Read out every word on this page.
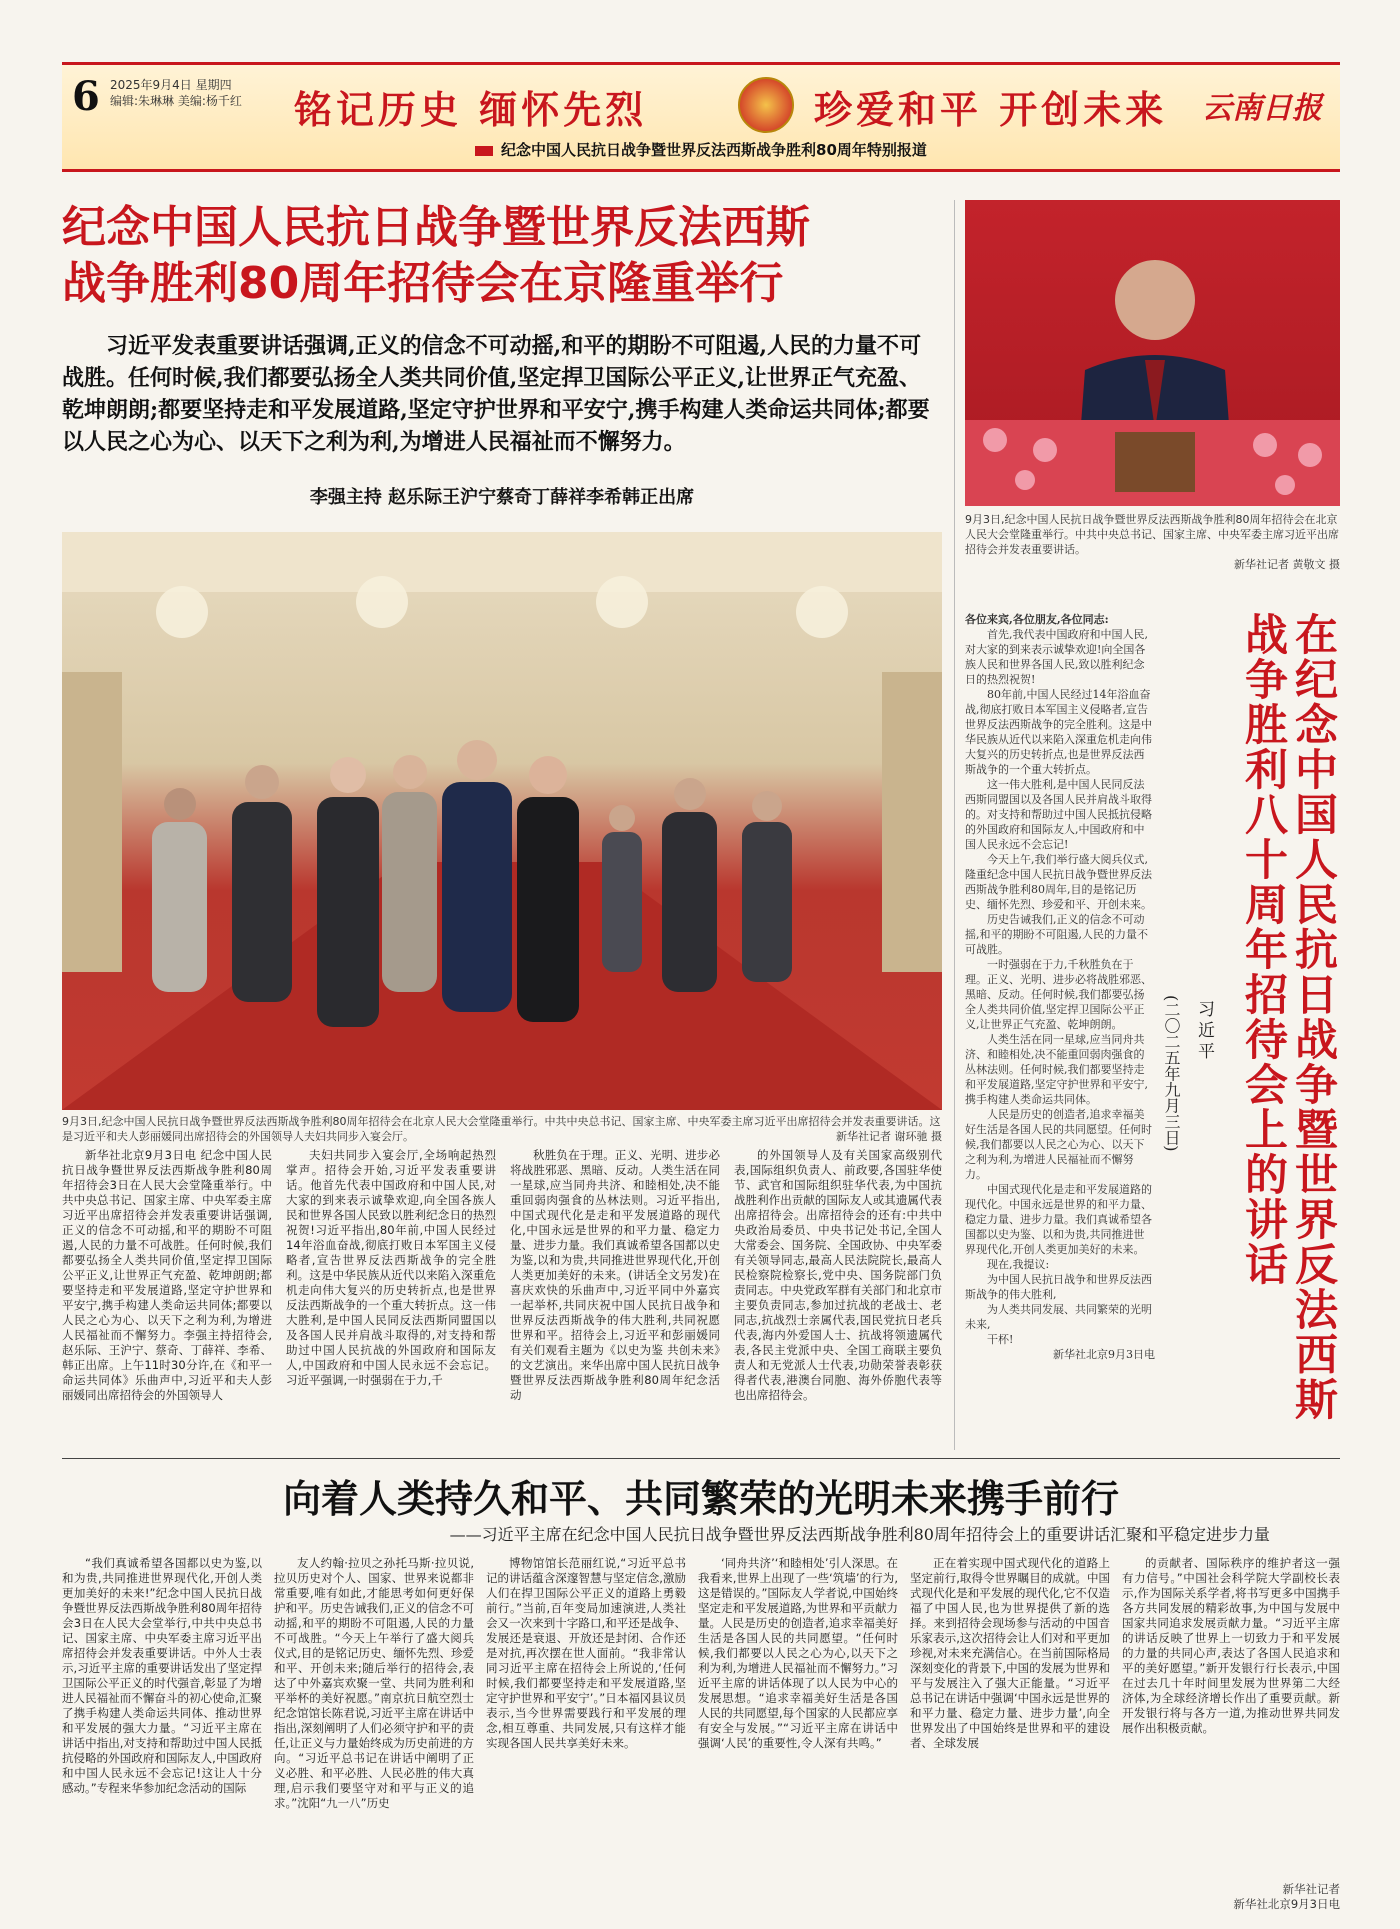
6 2025年9月4日 星期四
编辑:朱琳琳 美编:杨千红 铭记历史 缅怀先烈	珍爱和平 开创未来 云南日报
纪念中国人民抗日战争暨世界反法西斯战争胜利80周年特别报道
纪念中国人民抗日战争暨世界反法西斯
战争胜利80周年招待会在京隆重举行
习近平发表重要讲话强调,正义的信念不可动摇,和平的期盼不可阻遏,人民的力量不可战胜。任何时候,我们都要弘扬全人类共同价值,坚定捍卫国际公平正义,让世界正气充盈、乾坤朗朗;都要坚持走和平发展道路,坚定守护世界和平安宁,携手构建人类命运共同体;都要以人民之心为心、以天下之利为利,为增进人民福祉而不懈努力。
李强主持 赵乐际王沪宁蔡奇丁薛祥李希韩正出席
9月3日,纪念中国人民抗日战争暨世界反法西斯战争胜利80周年招待会在北京人民大会堂隆重举行。中共中央总书记、国家主席、中央军委主席习近平出席招待会并发表重要讲话。这是习近平和夫人彭丽媛同出席招待会的外国领导人夫妇共同步入宴会厅。	新华社记者 谢环驰 摄
新华社北京9月3日电 纪念中国人民抗日战争暨世界反法西斯战争胜利80周年招待会3日在人民大会堂隆重举行。中共中央总书记、国家主席、中央军委主席习近平出席招待会并发表重要讲话强调,正义的信念不可动摇,和平的期盼不可阻遏,人民的力量不可战胜。任何时候,我们都要弘扬全人类共同价值,坚定捍卫国际公平正义,让世界正气充盈、乾坤朗朗;都要坚持走和平发展道路,坚定守护世界和平安宁,携手构建人类命运共同体;都要以人民之心为心、以天下之利为利,为增进人民福祉而不懈努力。李强主持招待会,赵乐际、王沪宁、蔡奇、丁薛祥、李希、韩正出席。上午11时30分许,在《和平一命运共同体》乐曲声中,习近平和夫人彭丽媛同出席招待会的外国领导人
夫妇共同步入宴会厅,全场响起热烈掌声。招待会开始,习近平发表重要讲话。他首先代表中国政府和中国人民,对大家的到来表示诚挚欢迎,向全国各族人民和世界各国人民致以胜利纪念日的热烈祝贺!习近平指出,80年前,中国人民经过14年浴血奋战,彻底打败日本军国主义侵略者,宣告世界反法西斯战争的完全胜利。这是中华民族从近代以来陷入深重危机走向伟大复兴的历史转折点,也是世界反法西斯战争的一个重大转折点。这一伟大胜利,是中国人民同反法西斯同盟国以及各国人民并肩战斗取得的,对支持和帮助过中国人民抗战的外国政府和国际友人,中国政府和中国人民永远不会忘记。习近平强调,一时强弱在于力,千
秋胜负在于理。正义、光明、进步必将战胜邪恶、黑暗、反动。人类生活在同一星球,应当同舟共济、和睦相处,决不能重回弱肉强食的丛林法则。习近平指出,中国式现代化是走和平发展道路的现代化,中国永远是世界的和平力量、稳定力量、进步力量。我们真诚希望各国都以史为鉴,以和为贵,共同推进世界现代化,开创人类更加美好的未来。(讲话全文另发)在喜庆欢快的乐曲声中,习近平同中外嘉宾一起举杯,共同庆祝中国人民抗日战争和世界反法西斯战争的伟大胜利,共同祝愿世界和平。招待会上,习近平和彭丽媛同有关们观看主题为《以史为鉴 共创未来》的文艺演出。来华出席中国人民抗日战争暨世界反法西斯战争胜利80周年纪念活动
的外国领导人及有关国家高级别代表,国际组织负责人、前政要,各国驻华使节、武官和国际组织驻华代表,为中国抗战胜利作出贡献的国际友人或其遗属代表出席招待会。出席招待会的还有:中共中央政治局委员、中央书记处书记,全国人大常委会、国务院、全国政协、中央军委有关领导同志,最高人民法院院长,最高人民检察院检察长,党中央、国务院部门负责同志。中央党政军群有关部门和北京市主要负责同志,参加过抗战的老战士、老同志,抗战烈士亲属代表,国民党抗日老兵代表,海内外爱国人士、抗战将领遗属代表,各民主党派中央、全国工商联主要负责人和无党派人士代表,功勋荣誉表彰获得者代表,港澳台同胞、海外侨胞代表等也出席招待会。
9月3日,纪念中国人民抗日战争暨世界反法西斯战争胜利80周年招待会在北京人民大会堂隆重举行。中共中央总书记、国家主席、中央军委主席习近平出席招待会并发表重要讲话。
新华社记者 黄敬文 摄

各位来宾,各位朋友,各位同志:

首先,我代表中国政府和中国人民,对大家的到来表示诚挚欢迎!向全国各族人民和世界各国人民,致以胜利纪念日的热烈祝贺!

80年前,中国人民经过14年浴血奋战,彻底打败日本军国主义侵略者,宣告世界反法西斯战争的完全胜利。这是中华民族从近代以来陷入深重危机走向伟大复兴的历史转折点,也是世界反法西斯战争的一个重大转折点。

这一伟大胜利,是中国人民同反法西斯同盟国以及各国人民并肩战斗取得的。对支持和帮助过中国人民抵抗侵略的外国政府和国际友人,中国政府和中国人民永远不会忘记!

今天上午,我们举行盛大阅兵仪式,隆重纪念中国人民抗日战争暨世界反法西斯战争胜利80周年,目的是铭记历史、缅怀先烈、珍爱和平、开创未来。

历史告诫我们,正义的信念不可动摇,和平的期盼不可阻遏,人民的力量不可战胜。

一时强弱在于力,千秋胜负在于理。正义、光明、进步必将战胜邪恶、黑暗、反动。任何时候,我们都要弘扬全人类共同价值,坚定捍卫国际公平正义,让世界正气充盈、乾坤朗朗。

人类生活在同一星球,应当同舟共济、和睦相处,决不能重回弱肉强食的丛林法则。任何时候,我们都要坚持走和平发展道路,坚定守护世界和平安宁,携手构建人类命运共同体。

人民是历史的创造者,追求幸福美好生活是各国人民的共同愿望。任何时候,我们都要以人民之心为心、以天下之利为利,为增进人民福祉而不懈努力。

中国式现代化是走和平发展道路的现代化。中国永远是世界的和平力量、稳定力量、进步力量。我们真诚希望各国都以史为鉴、以和为贵,共同推进世界现代化,开创人类更加美好的未来。

现在,我提议:

为中国人民抗日战争和世界反法西斯战争的伟大胜利,

为人类共同发展、共同繁荣的光明未来,

干杯!

新华社北京9月3日电

习近平
(二〇二五年九月三日)	在纪念中国人民抗日战争暨世界反法西斯战争胜利八十周年招待会上的讲话
向着人类持久和平、共同繁荣的光明未来携手前行
——习近平主席在纪念中国人民抗日战争暨世界反法西斯战争胜利80周年招待会上的重要讲话汇聚和平稳定进步力量
“我们真诚希望各国都以史为鉴,以和为贵,共同推进世界现代化,开创人类更加美好的未来!”纪念中国人民抗日战争暨世界反法西斯战争胜利80周年招待会3日在人民大会堂举行,中共中央总书记、国家主席、中央军委主席习近平出席招待会并发表重要讲话。中外人士表示,习近平主席的重要讲话发出了坚定捍卫国际公平正义的时代强音,彰显了为增进人民福祉而不懈奋斗的初心使命,汇聚了携手构建人类命运共同体、推动世界和平发展的强大力量。“习近平主席在讲话中指出,对支持和帮助过中国人民抵抗侵略的外国政府和国际友人,中国政府和中国人民永远不会忘记!这让人十分感动。”专程来华参加纪念活动的国际
友人约翰·拉贝之孙托马斯·拉贝说,拉贝历史对个人、国家、世界来说都非常重要,唯有如此,才能思考如何更好保护和平。历史告诫我们,正义的信念不可动摇,和平的期盼不可阻遏,人民的力量不可战胜。“今天上午举行了盛大阅兵仪式,目的是铭记历史、缅怀先烈、珍爱和平、开创未来;随后举行的招待会,表达了中外嘉宾欢聚一堂、共同为胜利和平举杯的美好祝愿。”南京抗日航空烈士纪念馆馆长陈君说,习近平主席在讲话中指出,深刻阐明了人们必须守护和平的责任,让正义与力量始终成为历史前进的方向。“习近平总书记在讲话中阐明了正义必胜、和平必胜、人民必胜的伟大真理,启示我们要坚守对和平与正义的追求。”沈阳“九一八”历史
博物馆馆长范丽红说,“习近平总书记的讲话蕴含深邃智慧与坚定信念,激励人们在捍卫国际公平正义的道路上勇毅前行。”当前,百年变局加速演进,人类社会又一次来到十字路口,和平还是战争、发展还是衰退、开放还是封闭、合作还是对抗,再次摆在世人面前。“我非常认同习近平主席在招待会上所说的,‘任何时候,我们都要坚持走和平发展道路,坚定守护世界和平安宁’。”日本福冈县议员表示,当今世界需要践行和平发展的理念,相互尊重、共同发展,只有这样才能实现各国人民共享美好未来。
‘同舟共济’‘和睦相处’引人深思。在我看来,世界上出现了一些‘筑墙’的行为,这是错误的。”国际友人学者说,中国始终坚定走和平发展道路,为世界和平贡献力量。人民是历史的创造者,追求幸福美好生活是各国人民的共同愿望。“任何时候,我们都要以人民之心为心,以天下之利为利,为增进人民福祉而不懈努力。”习近平主席的讲话体现了以人民为中心的发展思想。“追求幸福美好生活是各国人民的共同愿望,每个国家的人民都应享有安全与发展。”“习近平主席在讲话中强调‘人民’的重要性,令人深有共鸣。”
正在着实现中国式现代化的道路上坚定前行,取得令世界瞩目的成就。中国式现代化是和平发展的现代化,它不仅造福了中国人民,也为世界提供了新的选择。来到招待会现场参与活动的中国音乐家表示,这次招待会让人们对和平更加珍视,对未来充满信心。在当前国际格局深刻变化的背景下,中国的发展为世界和平与发展注入了强大正能量。“习近平总书记在讲话中强调‘中国永远是世界的和平力量、稳定力量、进步力量’,向全世界发出了中国始终是世界和平的建设者、全球发展
的贡献者、国际秩序的维护者这一强有力信号。”中国社会科学院大学副校长表示,作为国际关系学者,将书写更多中国携手各方共同发展的精彩故事,为中国与发展中国家共同追求发展贡献力量。“习近平主席的讲话反映了世界上一切致力于和平发展的力量的共同心声,表达了各国人民追求和平的美好愿望。”新开发银行行长表示,中国在过去几十年时间里发展为世界第二大经济体,为全球经济增长作出了重要贡献。新开发银行将与各方一道,为推动世界共同发展作出积极贡献。
新华社记者
新华社北京9月3日电
